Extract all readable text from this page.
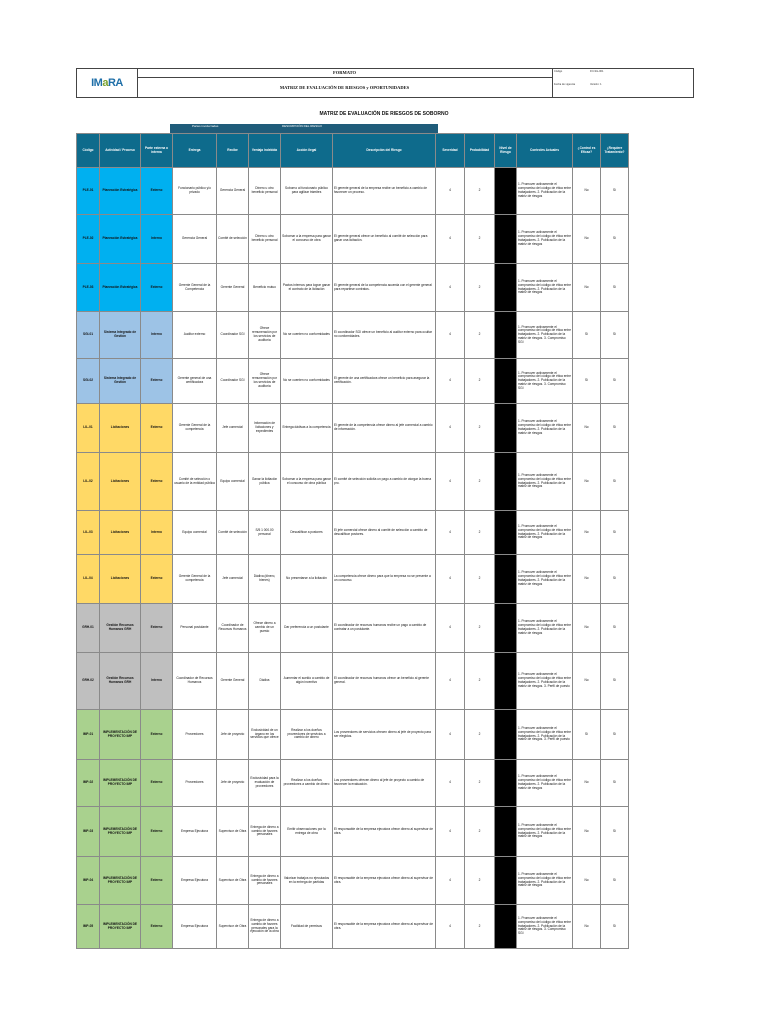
IMaRA
FORMATO
MATRIZ DE EVALUACIÓN DE RIESGOS y OPORTUNIDADES
Código	FO-SG-001
Fecha de vigencia	Versión: 1
MATRIZ DE EVALUACIÓN DE RIESGOS DE SOBORNO
Partes involucradas	DESCRIPCIÓN DEL RIESGO
Código	Actividad / Proceso	Parte externa o interna	Entrega	Recibe	Ventaja indebida	Acción ilegal	Descripción del Riesgo	Severidad	Probabilidad	Nivel de Riesgo	Controles Actuales	¿Control es Eficaz?	¿Requiere Tratamiento?
PLE-01	Planeación Estratégica	Externo	Funcionario público y/o privado	Gerencia General	Dinero u otro beneficio personal	Soborno al funcionario público para agilizar trámites	El gerente general de la empresa recibe un beneficio a cambio de favorecer un proceso.	4	2		1. Promover activamente el compromiso del código de ética entre trabajadores. 2. Publicación de la matriz de riesgos	No	Sí
PLE-02	Planeación Estratégica	Interno	Gerencia General	Comité de selección	Dinero u otro beneficio personal	Sobornar a la empresa para ganar el concurso de obra	El gerente general ofrece un beneficio al comité de selección para ganar una licitación.	4	2		1. Promover activamente el compromiso del código de ética entre trabajadores. 2. Publicación de la matriz de riesgos	No	Sí
PLE-03	Planeación Estratégica	Externo	Gerente General de la Competencia	Gerente General	Beneficio mutuo	Pactos internos para lograr ganar el contrato de la licitación	El gerente general de la competencia acuerda con el gerente general para repartirse contratos.	4	2		1. Promover activamente el compromiso del código de ética entre trabajadores. 2. Publicación de la matriz de riesgos	No	Sí
SGI-01	Sistema Integrado de Gestión	Interno	Auditor externo	Coordinador SGI	Ofrece remuneración por los servicios de auditoría	No se cuenten no conformidades	El coordinador SGI ofrece un beneficio al auditor externo para ocultar no conformidades.	4	2		1. Promover activamente el compromiso del código de ética entre trabajadores. 2. Publicación de la matriz de riesgos. 3. Compromiso SGI	Sí	Sí
SGI-02	Sistema Integrado de Gestión	Externo	Gerente general de una certificadora	Coordinador SGI	Ofrece remuneración por los servicios de auditoría	No se cuenten no conformidades	El gerente de una certificadora ofrece un beneficio para asegurar la certificación.	4	2		1. Promover activamente el compromiso del código de ética entre trabajadores. 2. Publicación de la matriz de riesgos. 3. Compromiso SGI	Sí	Sí
LIL-01	Licitaciones	Externo	Gerente General de la competencia	Jefe comercial	Información de licitaciones y expedientes	Entrega dádivas a la competencia	El gerente de la competencia ofrece dinero al jefe comercial a cambio de información.	4	2		1. Promover activamente el compromiso del código de ética entre trabajadores. 2. Publicación de la matriz de riesgos	No	Sí
LIL-02	Licitaciones	Externo	Comité de selección o usuario de la entidad pública	Equipo comercial	Ganar la licitación pública	Sobornar a la empresa para ganar el concurso de obra pública	El comité de selección solicita un pago a cambio de otorgar la buena pro.	4	2		1. Promover activamente el compromiso del código de ética entre trabajadores. 2. Publicación de la matriz de riesgos	No	Sí
LIL-03	Licitaciones	Interno	Equipo comercial	Comité de selección	S/5 1 000.00 personal	Descalificar a postores	El jefe comercial ofrece dinero al comité de selección a cambio de descalificar postores.	4	2		1. Promover activamente el compromiso del código de ética entre trabajadores. 2. Publicación de la matriz de riesgos	No	Sí
LIL-04	Licitaciones	Externo	Gerente General de la competencia	Jefe comercial	Dádiva (dinero, bienes)	No presentarse a la licitación	La competencia ofrece dinero para que la empresa no se presente a un concurso.	4	2		1. Promover activamente el compromiso del código de ética entre trabajadores. 2. Publicación de la matriz de riesgos	No	Sí
GRH-01	Gestión Recursos Humanos GRH	Externo	Personal postulante	Coordinador de Recursos Humanos	Ofrece dinero a cambio de un puesto	Dar preferencia a un postulante	El coordinador de recursos humanos recibe un pago a cambio de contratar a un postulante.	4	2		1. Promover activamente el compromiso del código de ética entre trabajadores. 2. Publicación de la matriz de riesgos	No	Sí
GRH-02	Gestión Recursos Humanos GRH	Interno	Coordinador de Recursos Humanos	Gerente General	Dádiva	Aumentar el sueldo a cambio de algún incentivo	El coordinador de recursos humanos ofrece un beneficio al gerente general.	4	2		1. Promover activamente el compromiso del código de ética entre trabajadores. 2. Publicación de la matriz de riesgos. 3. Perfil de puesto	No	Sí
IMP-01	IMPLEMENTACIÓN DE PROYECTO IMP	Externo	Proveedores	Jefe de proyecto	Exclusividad de un órgano en los servicios que ofrece	Realizar a los dueños proveedores de servicios a cambio de dinero	Los proveedores de servicios ofrecen dinero al jefe de proyecto para ser elegidos.	4	2		1. Promover activamente el compromiso del código de ética entre trabajadores. 2. Publicación de la matriz de riesgos. 3. Perfil de puesto	Sí	Sí
IMP-02	IMPLEMENTACIÓN DE PROYECTO IMP	Externo	Proveedores	Jefe de proyecto	Exclusividad para la evaluación de proveedores	Realizar a los dueños proveedores a cambio de dinero	Los proveedores ofrecen dinero al jefe de proyecto a cambio de favorecer la evaluación.	4	2		1. Promover activamente el compromiso del código de ética entre trabajadores. 2. Publicación de la matriz de riesgos	No	Sí
IMP-03	IMPLEMENTACIÓN DE PROYECTO IMP	Externo	Empresa Ejecutora	Supervisor de Obra	Entrega de dinero a cambio de favores personales	Emitir observaciones por la entrega de obra	El responsable de la empresa ejecutora ofrece dinero al supervisor de obra.	4	2		1. Promover activamente el compromiso del código de ética entre trabajadores. 2. Publicación de la matriz de riesgos	No	Sí
IMP-04	IMPLEMENTACIÓN DE PROYECTO IMP	Externo	Empresa Ejecutora	Supervisor de Obra	Entrega de dinero a cambio de favores personales	Valorizar trabajos no ejecutados en la entrega de partidas	El responsable de la empresa ejecutora ofrece dinero al supervisor de obra.	4	2		1. Promover activamente el compromiso del código de ética entre trabajadores. 2. Publicación de la matriz de riesgos	No	Sí
IMP-05	IMPLEMENTACIÓN DE PROYECTO IMP	Externo	Empresa Ejecutora	Supervisor de Obra	Entrega de dinero a cambio de favores personales para la ejecución de la obra	Facilidad de permisos	El responsable de la empresa ejecutora ofrece dinero al supervisor de obra.	4	2		1. Promover activamente el compromiso del código de ética entre trabajadores. 2. Publicación de la matriz de riesgos. 3. Compromiso SGI	No	Sí
